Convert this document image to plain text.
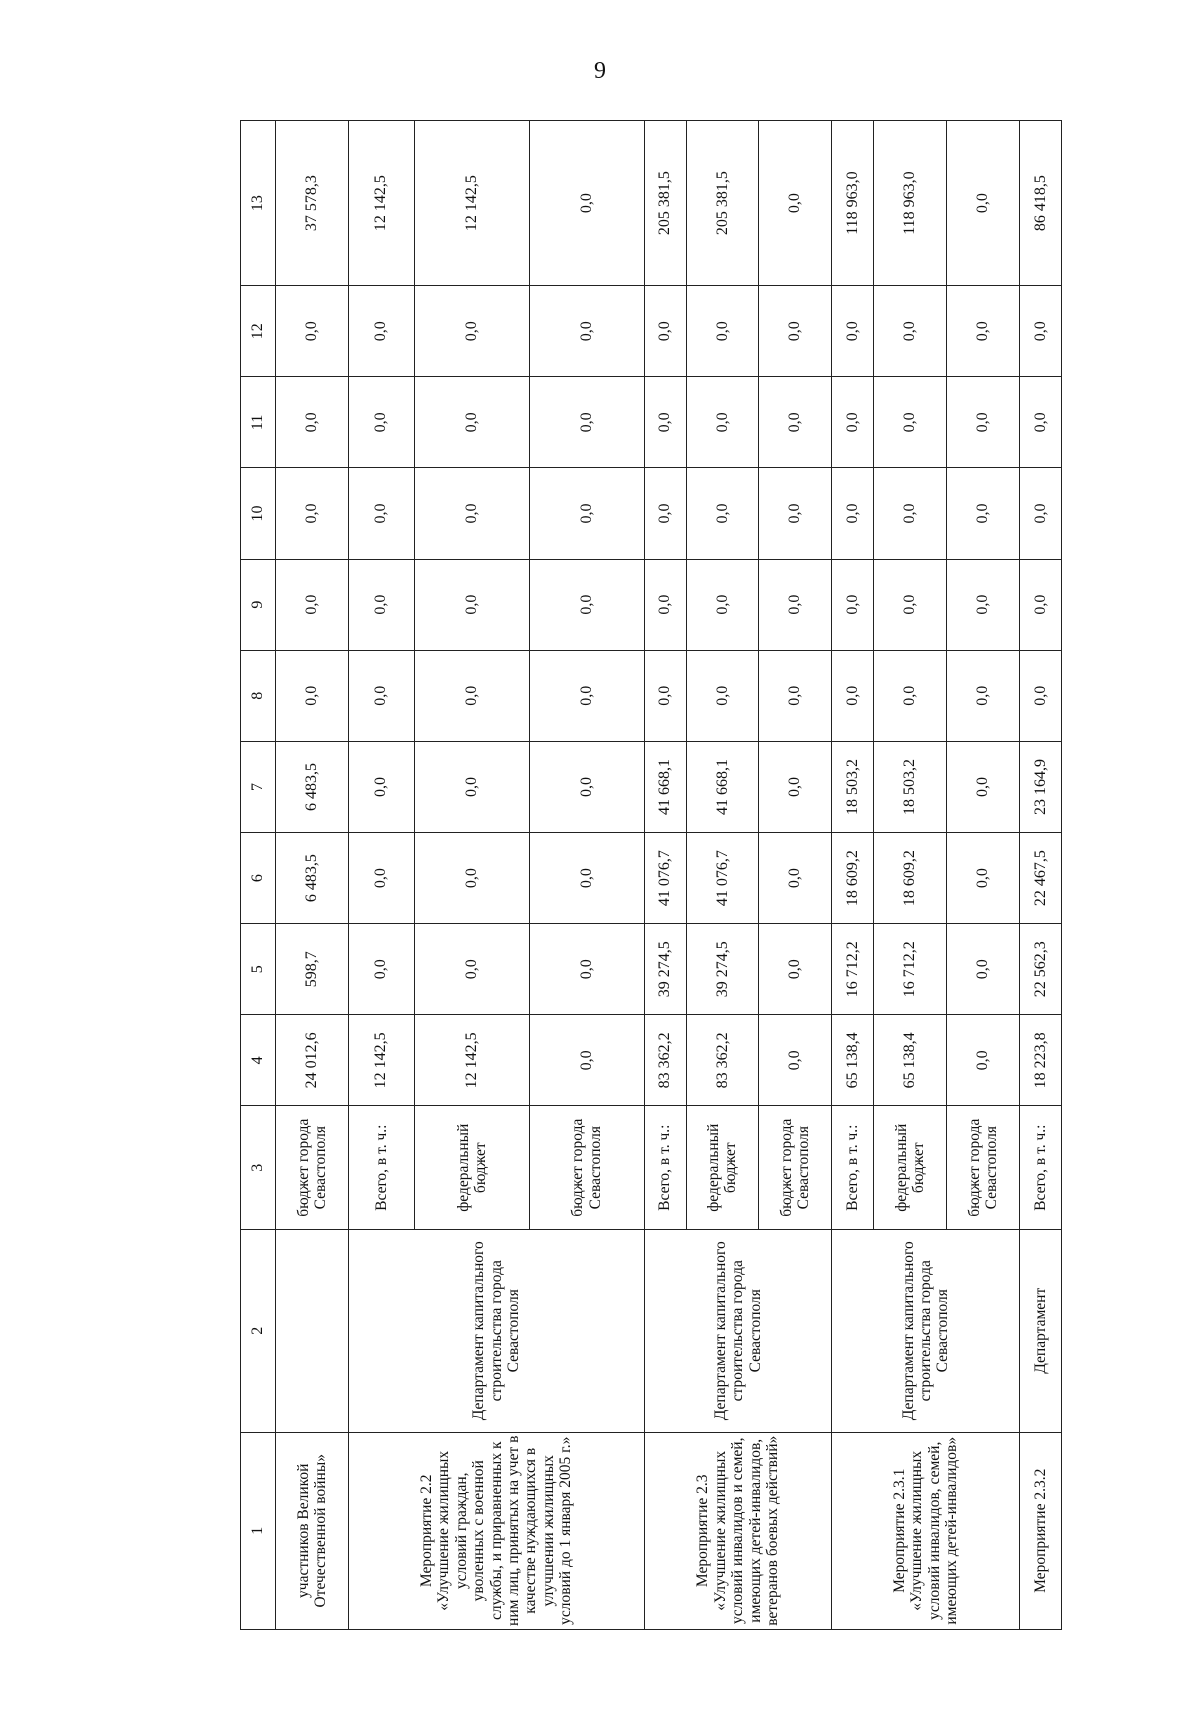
9
1	2	3	4	5	6	7	8	9	10	11	12	13
участников Великой Отечественной войны»		бюджет города Севастополя	24 012,6	598,7	6 483,5	6 483,5	0,0	0,0	0,0	0,0	0,0	37 578,3
Мероприятие 2.2 «Улучшение жилищных условий граждан, уволенных с военной службы, и приравненных к ним лиц, принятых на учет в качестве нуждающихся в улучшении жилищных условий до 1 января 2005 г.»	Департамент капитального строительства города Севастополя	Всего, в т. ч.:	12 142,5	0,0	0,0	0,0	0,0	0,0	0,0	0,0	0,0	12 142,5
		федеральный бюджет	12 142,5	0,0	0,0	0,0	0,0	0,0	0,0	0,0	0,0	12 142,5
		бюджет города Севастополя	0,0	0,0	0,0	0,0	0,0	0,0	0,0	0,0	0,0	0,0
Мероприятие 2.3 «Улучшение жилищных условий инвалидов и семей, имеющих детей-инвалидов, ветеранов боевых действий»	Департамент капитального строительства города Севастополя	Всего, в т. ч.:	83 362,2	39 274,5	41 076,7	41 668,1	0,0	0,0	0,0	0,0	0,0	205 381,5
		федеральный бюджет	83 362,2	39 274,5	41 076,7	41 668,1	0,0	0,0	0,0	0,0	0,0	205 381,5
		бюджет города Севастополя	0,0	0,0	0,0	0,0	0,0	0,0	0,0	0,0	0,0	0,0
Мероприятие 2.3.1 «Улучшение жилищных условий инвалидов, семей, имеющих детей-инвалидов»	Департамент капитального строительства города Севастополя	Всего, в т. ч.:	65 138,4	16 712,2	18 609,2	18 503,2	0,0	0,0	0,0	0,0	0,0	118 963,0
		федеральный бюджет	65 138,4	16 712,2	18 609,2	18 503,2	0,0	0,0	0,0	0,0	0,0	118 963,0
		бюджет города Севастополя	0,0	0,0	0,0	0,0	0,0	0,0	0,0	0,0	0,0	0,0
Мероприятие 2.3.2	Департамент	Всего, в т. ч.:	18 223,8	22 562,3	22 467,5	23 164,9	0,0	0,0	0,0	0,0	0,0	86 418,5
